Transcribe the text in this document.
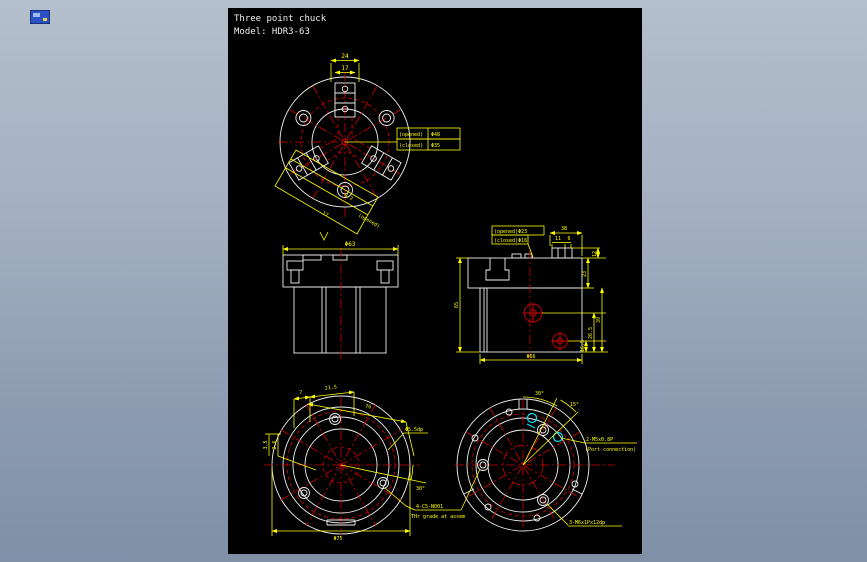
Three point chuck
Model: HDR3-63
24
17
(opened) Φ48
(closed) Φ35
17
8.2
(opened)
Φ63
(opened)Φ23
(closed)Φ16
38
11 6
12
23
39
26.5
16.5
65
Φ66
7
21.5
76
3.5 2.6
30°
Φ5.5dp
Φ75
4-C5-N001
THr grade at assem
30°
15°
2-M5x0.8P
(Port connection)
3-M6x1Px12dp
